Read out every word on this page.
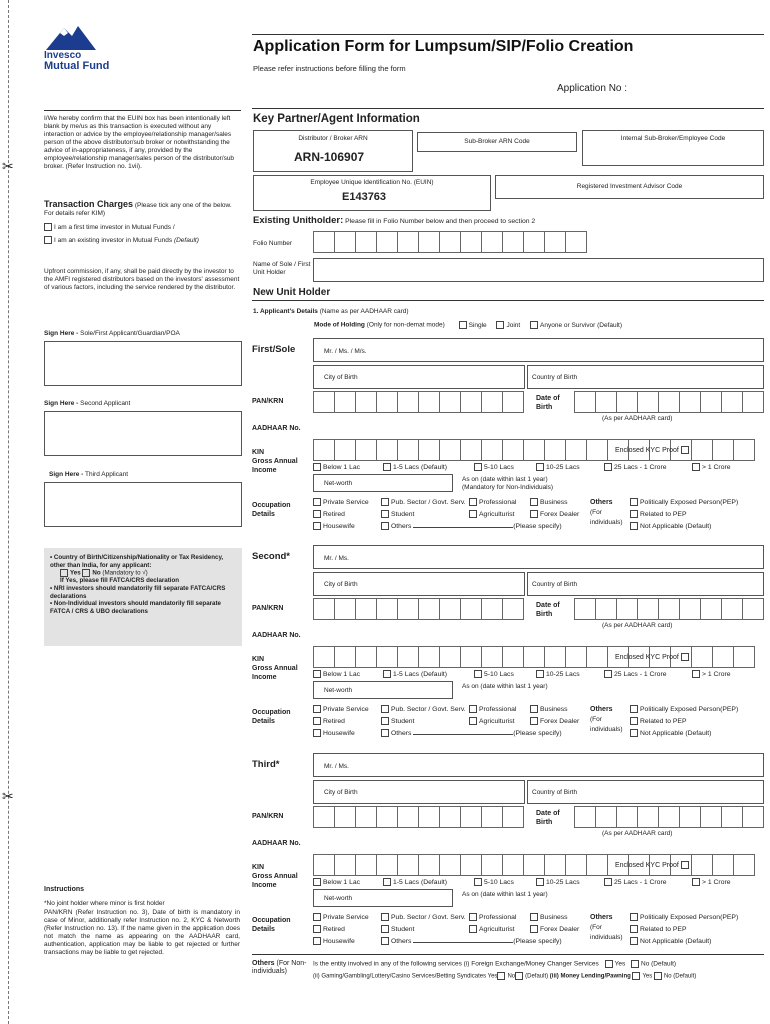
✂
✂
Invesco
Mutual Fund
Application Form for Lumpsum/SIP/Folio Creation
Please refer instructions before filling the form
Application No :
I/We hereby confirm that the EUIN box has been intentionally left blank by me/us as this transaction is executed without any interaction or advice by the employee/relationship manager/sales person of the above distributor/sub broker or notwithstanding the advice of in-appropriateness, if any, provided by the employee/relationship manager/sales person of the distributor/sub broker. (Refer Instruction no. 1vii).
Transaction Charges (Please tick any one of the below. For details refer KIM)
I am a first time investor in Mutual Funds /
I am an existing investor in Mutual Funds (Default)
Upfront commission, if any, shall be paid directly by the investor to the AMFI registered distributors based on the investors' assessment of various factors, including the service rendered by the distributor.
Sign Here - Sole/First Applicant/Guardian/POA
Sign Here - Second Applicant
Sign Here - Third Applicant
• Country of Birth/Citizenship/Nationality or Tax Residency, other than India, for any applicant:
Yes No (Mandatory to √)
If Yes, please fill FATCA/CRS declaration
• NRI investors should mandatorily fill separate FATCA/CRS declarations
• Non-Individual investors should mandatorily fill separate FATCA / CRS & UBO declarations
Instructions
*No joint holder where minor is first holder
PAN/KRN (Refer Instruction no. 3), Date of birth is mandatory in case of Minor, additionally refer Instruction no. 2, KYC & Networth (Refer Instruction no. 13). If the name given in the application does not match the name as appearing on the AADHAAR card, authentication, application may be liable to get rejected or further transactions may be liable to get rejected.
Key Partner/Agent Information
Distributor / Broker ARN
ARN-106907
Sub-Broker ARN Code	Internal Sub-Broker/Employee Code
Employee Unique Identification No. (EUIN)
E143763
Registered Investment Advisor Code
Existing Unitholder: Please fill in Folio Number below and then proceed to section 2
Folio Number
Name of Sole / First Unit Holder
New Unit Holder
1. Applicant's Details (Name as per AADHAAR card)
Mode of Holding (Only for non-demat mode)	Single	Joint	Anyone or Survivor (Default)
First/Sole	Mr. / Ms. / M/s.
City of Birth	Country of Birth
PAN/KRN	Date of Birth
(As per AADHAAR card)
AADHAAR No.
Enclosed KYC Proof
KIN
Gross Annual Income	Below 1 Lac	1-5 Lacs (Default)	5-10 Lacs	10-25 Lacs	25 Lacs - 1 Crore	> 1 Crore
Net-worth
As on (date within last 1 year)
(Mandatory for Non-Individuals)
Occupation Details
Private Service	Pub. Sector / Govt. Serv.	Professional	Business
Retired	Student	Agriculturist	Forex Dealer
Housewife	Others	(Please specify)
Others
(For individuals)
Politically Exposed Person(PEP)
Related to PEP
Not Applicable (Default)
Second*	Mr. / Ms.
City of Birth	Country of Birth
PAN/KRN	Date of Birth
(As per AADHAAR card)
AADHAAR No.
Enclosed KYC Proof
KIN
Gross Annual Income	Below 1 Lac	1-5 Lacs (Default)	5-10 Lacs	10-25 Lacs	25 Lacs - 1 Crore	> 1 Crore
Net-worth
As on (date within last 1 year)
Occupation Details
Private Service	Pub. Sector / Govt. Serv.	Professional	Business
Retired	Student	Agriculturist	Forex Dealer
Housewife	Others	(Please specify)
Others
(For individuals)
Politically Exposed Person(PEP)
Related to PEP
Not Applicable (Default)
Third*	Mr. / Ms.
City of Birth	Country of Birth
PAN/KRN	Date of Birth
(As per AADHAAR card)
AADHAAR No.
Enclosed KYC Proof
KIN
Gross Annual Income	Below 1 Lac	1-5 Lacs (Default)	5-10 Lacs	10-25 Lacs	25 Lacs - 1 Crore	> 1 Crore
Net-worth
As on (date within last 1 year)
Occupation Details
Private Service	Pub. Sector / Govt. Serv.	Professional	Business
Retired	Student	Agriculturist	Forex Dealer
Housewife	Others	(Please specify)
Others
(For individuals)
Politically Exposed Person(PEP)
Related to PEP
Not Applicable (Default)
Others (For Non-individuals)
Is the entity involved in any of the following services (i) Foreign Exchange/Money Changer Services Yes No (Default)
(ii) Gaming/Gambling/Lottery/Casino Services/Betting Syndicates Yes No (Default) (iii) Money Lending/Pawning Yes No (Default)
